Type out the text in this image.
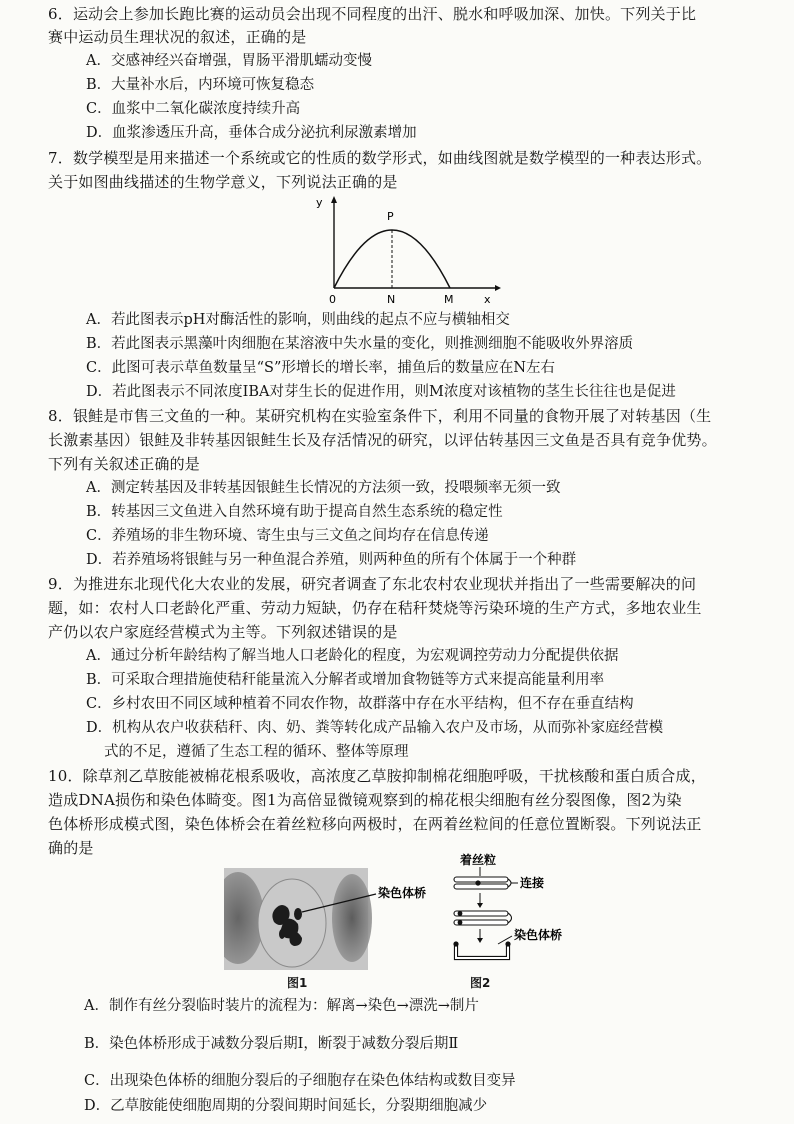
6．运动会上参加长跑比赛的运动员会出现不同程度的出汗、脱水和呼吸加深、加快。下列关于比
赛中运动员生理状况的叙述，正确的是
A．交感神经兴奋增强，胃肠平滑肌蠕动变慢
B．大量补水后，内环境可恢复稳态
C．血浆中二氧化碳浓度持续升高
D．血浆渗透压升高，垂体合成分泌抗利尿激素增加
7．数学模型是用来描述一个系统或它的性质的数学形式，如曲线图就是数学模型的一种表达形式。
关于如图曲线描述的生物学意义，下列说法正确的是
y
P
0	N	M	x
A．若此图表示pH对酶活性的影响，则曲线的起点不应与横轴相交
B．若此图表示黑藻叶肉细胞在某溶液中失水量的变化，则推测细胞不能吸收外界溶质
C．此图可表示草鱼数量呈“S”形增长的增长率，捕鱼后的数量应在N左右
D．若此图表示不同浓度IBA对芽生长的促进作用，则M浓度对该植物的茎生长往往也是促进
8．银鲑是市售三文鱼的一种。某研究机构在实验室条件下，利用不同量的食物开展了对转基因（生
长激素基因）银鲑及非转基因银鲑生长及存活情况的研究，以评估转基因三文鱼是否具有竞争优势。
下列有关叙述正确的是
A．测定转基因及非转基因银鲑生长情况的方法须一致，投喂频率无须一致
B．转基因三文鱼进入自然环境有助于提高自然生态系统的稳定性
C．养殖场的非生物环境、寄生虫与三文鱼之间均存在信息传递
D．若养殖场将银鲑与另一种鱼混合养殖，则两种鱼的所有个体属于一个种群
9．为推进东北现代化大农业的发展，研究者调查了东北农村农业现状并指出了一些需要解决的问
题，如：农村人口老龄化严重、劳动力短缺，仍存在秸秆焚烧等污染环境的生产方式，多地农业生
产仍以农户家庭经营模式为主等。下列叙述错误的是
A．通过分析年龄结构了解当地人口老龄化的程度，为宏观调控劳动力分配提供依据
B．可采取合理措施使秸秆能量流入分解者或增加食物链等方式来提高能量利用率
C．乡村农田不同区域种植着不同农作物，故群落中存在水平结构，但不存在垂直结构
D．机构从农户收获秸秆、肉、奶、粪等转化成产品输入农户及市场，从而弥补家庭经营模
式的不足，遵循了生态工程的循环、整体等原理
10．除草剂乙草胺能被棉花根系吸收，高浓度乙草胺抑制棉花细胞呼吸，干扰核酸和蛋白质合成，
造成DNA损伤和染色体畸变。图1为高倍显微镜观察到的棉花根尖细胞有丝分裂图像，图2为染
色体桥形成模式图，染色体桥会在着丝粒移向两极时，在两着丝粒间的任意位置断裂。下列说法正
确的是
染色体桥
图1
着丝粒
连接
染色体桥
图2
A．制作有丝分裂临时装片的流程为：解离→染色→漂洗→制片
B．染色体桥形成于减数分裂后期Ⅰ，断裂于减数分裂后期Ⅱ
C．出现染色体桥的细胞分裂后的子细胞存在染色体结构或数目变异
D．乙草胺能使细胞周期的分裂间期时间延长，分裂期细胞减少
